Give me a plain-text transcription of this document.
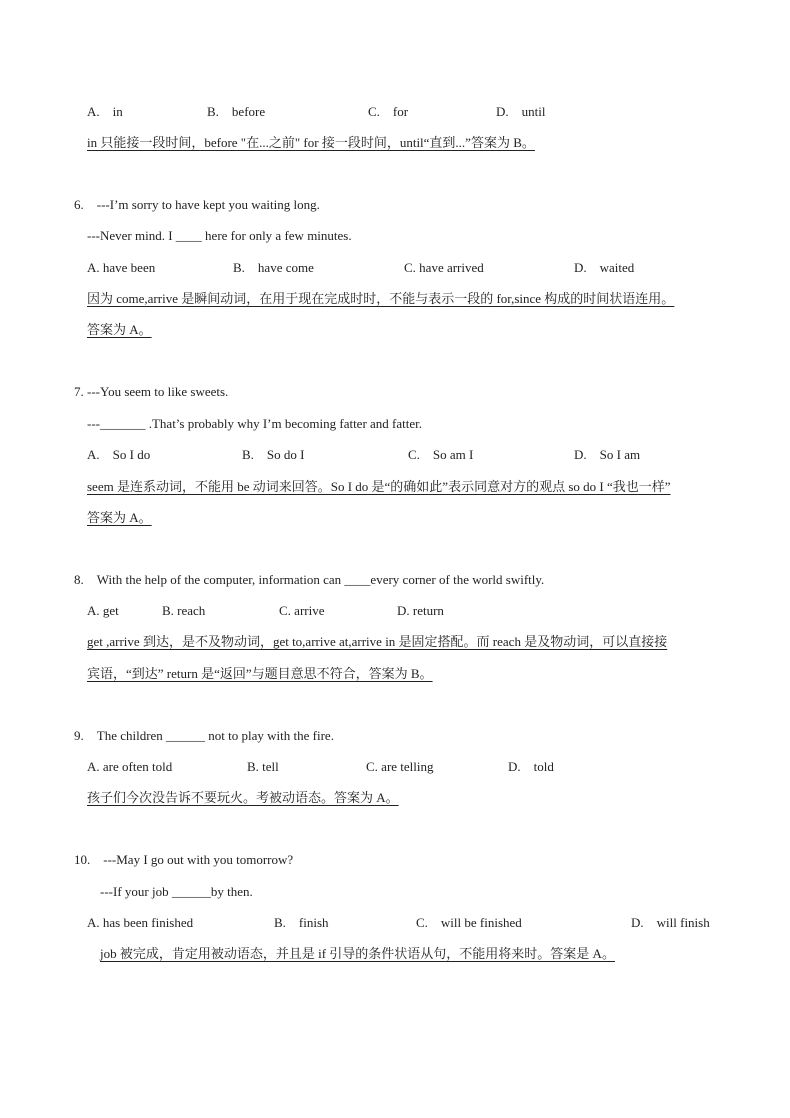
A.　in	B.　before	C.　for	D.　until
in 只能接一段时间，before "在...之前" for 接一段时间，until“直到...”答案为 B。
6.　---I’m sorry to have kept you waiting long.
---Never mind. I ____ here for only a few minutes.
A. have been	B.　have come	C. have arrived	D.　waited
因为 come,arrive 是瞬间动词，在用于现在完成时时，不能与表示一段的 for,since 构成的时间状语连用。
答案为 A。
7. ---You seem to like sweets.
---_______ .That’s probably why I’m becoming fatter and fatter.
A.　So I do	B.　So do I	C.　So am I	D.　So I am
seem 是连系动词，不能用 be 动词来回答。So I do 是“的确如此”表示同意对方的观点 so do I “我也一样”
答案为 A。
8.　With the help of the computer, information can ____every corner of the world swiftly.
A. get	B. reach	C. arrive	D. return
get ,arrive 到达，是不及物动词，get to,arrive at,arrive in 是固定搭配。而 reach 是及物动词，可以直接接
宾语，“到达” return 是“返回”与题目意思不符合，答案为 B。
9.　The children ______ not to play with the fire.
A. are often told	B. tell	C. are telling	D.　told
孩子们今次没告诉不要玩火。考被动语态。答案为 A。
10.　---May I go out with you tomorrow?
---If your job ______by then.
A. has been finished	B.　finish	C.　will be finished	D.　will finish
job 被完成，肯定用被动语态，并且是 if 引导的条件状语从句，不能用将来时。答案是 A。
